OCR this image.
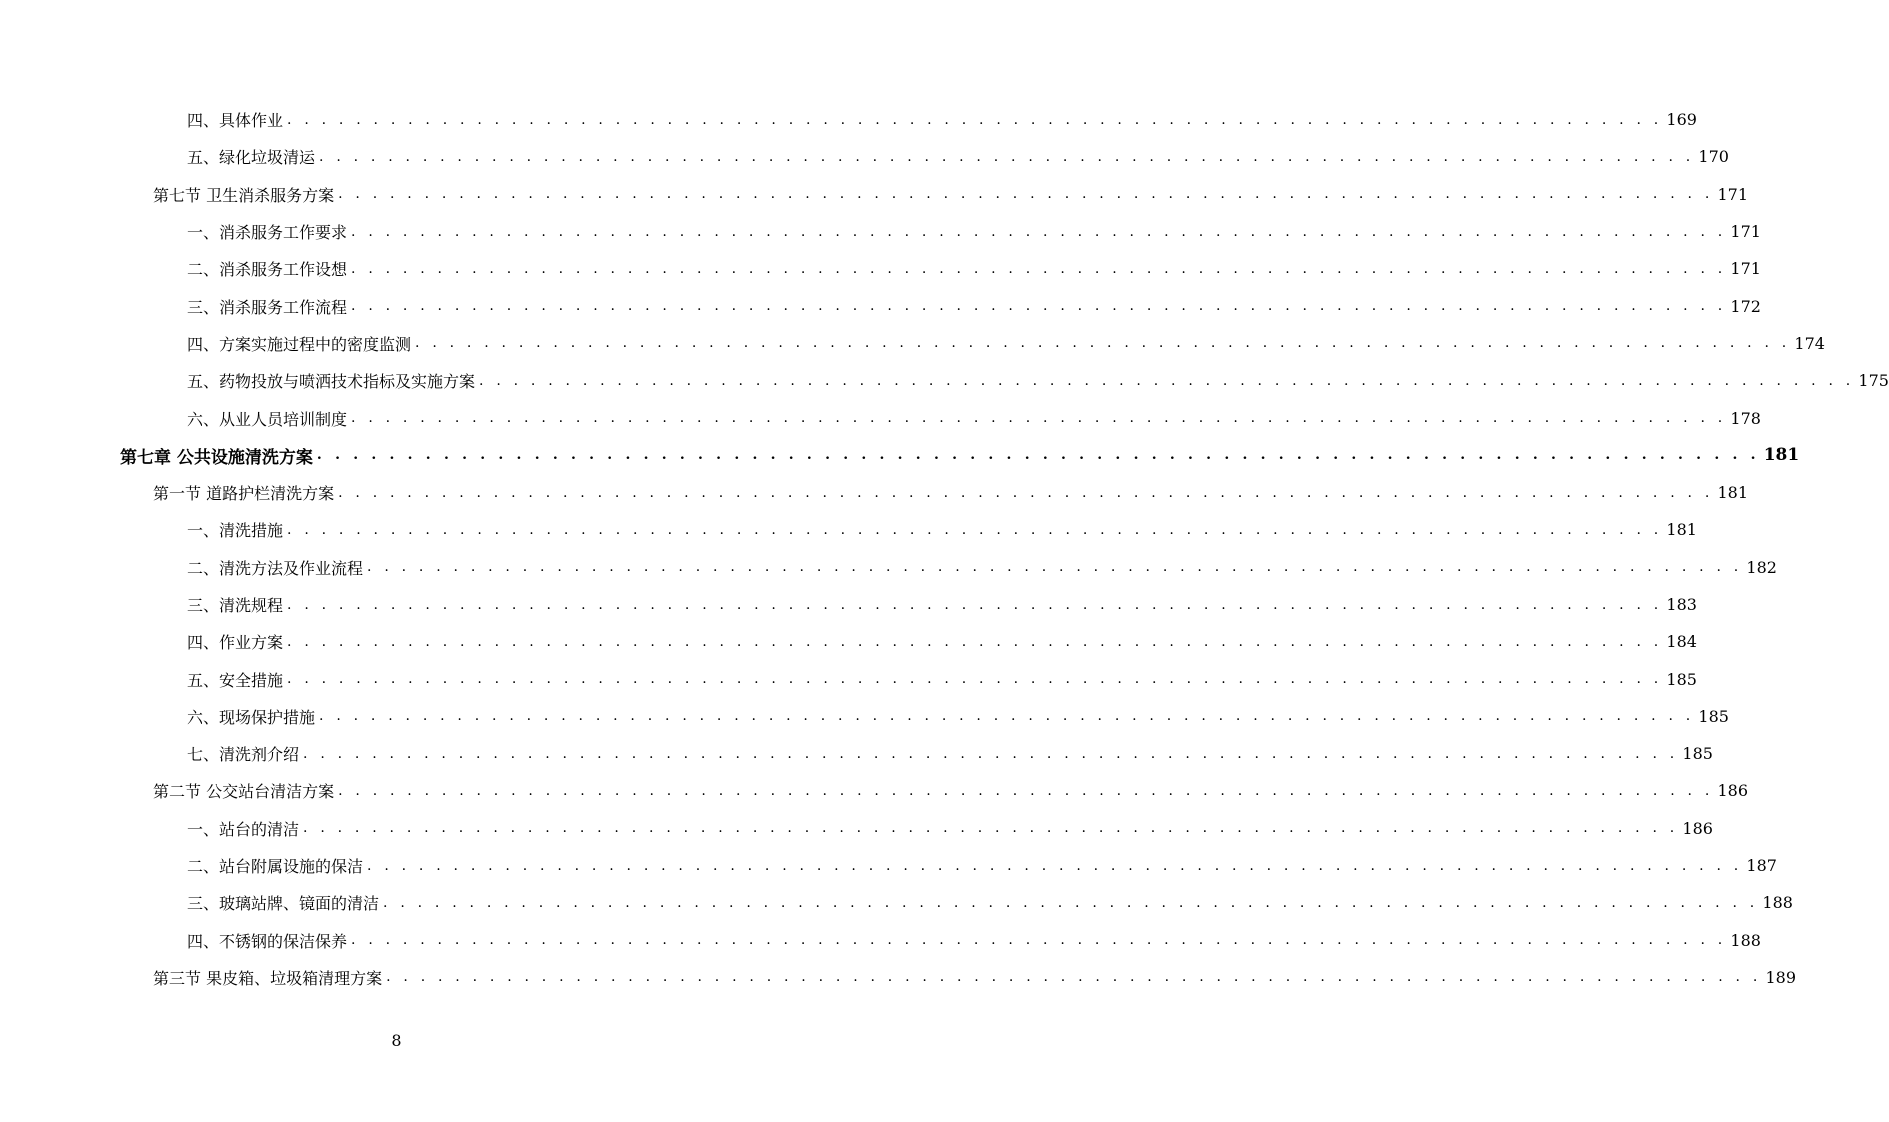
四、具体作业 . . . . . . . . . . . . . . . . . . . . . . . . . . . . . . . . . . . . . . . . . . . . . . . . . . . . . . . . . . . . . . . . . . . . . . . . . . . . . . . . 169
五、绿化垃圾清运 . . . . . . . . . . . . . . . . . . . . . . . . . . . . . . . . . . . . . . . . . . . . . . . . . . . . . . . . . . . . . . . . . . . . . . . . . . . . . . . . 170
第七节 卫生消杀服务方案 . . . . . . . . . . . . . . . . . . . . . . . . . . . . . . . . . . . . . . . . . . . . . . . . . . . . . . . . . . . . . . . . . . . . . . . . . . . . . . . . 171
一、消杀服务工作要求 . . . . . . . . . . . . . . . . . . . . . . . . . . . . . . . . . . . . . . . . . . . . . . . . . . . . . . . . . . . . . . . . . . . . . . . . . . . . . . . . 171
二、消杀服务工作设想 . . . . . . . . . . . . . . . . . . . . . . . . . . . . . . . . . . . . . . . . . . . . . . . . . . . . . . . . . . . . . . . . . . . . . . . . . . . . . . . . 171
三、消杀服务工作流程 . . . . . . . . . . . . . . . . . . . . . . . . . . . . . . . . . . . . . . . . . . . . . . . . . . . . . . . . . . . . . . . . . . . . . . . . . . . . . . . . 172
四、方案实施过程中的密度监测 . . . . . . . . . . . . . . . . . . . . . . . . . . . . . . . . . . . . . . . . . . . . . . . . . . . . . . . . . . . . . . . . . . . . . . . . . . . . . . . . 174
五、药物投放与喷洒技术指标及实施方案 . . . . . . . . . . . . . . . . . . . . . . . . . . . . . . . . . . . . . . . . . . . . . . . . . . . . . . . . . . . . . . . . . . . . . . . . . . . . . . . . 175
六、从业人员培训制度 . . . . . . . . . . . . . . . . . . . . . . . . . . . . . . . . . . . . . . . . . . . . . . . . . . . . . . . . . . . . . . . . . . . . . . . . . . . . . . . . 178
第七章 公共设施清洗方案 . . . . . . . . . . . . . . . . . . . . . . . . . . . . . . . . . . . . . . . . . . . . . . . . . . . . . . . . . . . . . . . . . . . . . . . . . . . . . . . . 181
第一节 道路护栏清洗方案 . . . . . . . . . . . . . . . . . . . . . . . . . . . . . . . . . . . . . . . . . . . . . . . . . . . . . . . . . . . . . . . . . . . . . . . . . . . . . . . . 181
一、清洗措施 . . . . . . . . . . . . . . . . . . . . . . . . . . . . . . . . . . . . . . . . . . . . . . . . . . . . . . . . . . . . . . . . . . . . . . . . . . . . . . . . 181
二、清洗方法及作业流程 . . . . . . . . . . . . . . . . . . . . . . . . . . . . . . . . . . . . . . . . . . . . . . . . . . . . . . . . . . . . . . . . . . . . . . . . . . . . . . . . 182
三、清洗规程 . . . . . . . . . . . . . . . . . . . . . . . . . . . . . . . . . . . . . . . . . . . . . . . . . . . . . . . . . . . . . . . . . . . . . . . . . . . . . . . . 183
四、作业方案 . . . . . . . . . . . . . . . . . . . . . . . . . . . . . . . . . . . . . . . . . . . . . . . . . . . . . . . . . . . . . . . . . . . . . . . . . . . . . . . . 184
五、安全措施 . . . . . . . . . . . . . . . . . . . . . . . . . . . . . . . . . . . . . . . . . . . . . . . . . . . . . . . . . . . . . . . . . . . . . . . . . . . . . . . . 185
六、现场保护措施 . . . . . . . . . . . . . . . . . . . . . . . . . . . . . . . . . . . . . . . . . . . . . . . . . . . . . . . . . . . . . . . . . . . . . . . . . . . . . . . . 185
七、清洗剂介绍 . . . . . . . . . . . . . . . . . . . . . . . . . . . . . . . . . . . . . . . . . . . . . . . . . . . . . . . . . . . . . . . . . . . . . . . . . . . . . . . . 185
第二节 公交站台清洁方案 . . . . . . . . . . . . . . . . . . . . . . . . . . . . . . . . . . . . . . . . . . . . . . . . . . . . . . . . . . . . . . . . . . . . . . . . . . . . . . . . 186
一、站台的清洁 . . . . . . . . . . . . . . . . . . . . . . . . . . . . . . . . . . . . . . . . . . . . . . . . . . . . . . . . . . . . . . . . . . . . . . . . . . . . . . . . 186
二、站台附属设施的保洁 . . . . . . . . . . . . . . . . . . . . . . . . . . . . . . . . . . . . . . . . . . . . . . . . . . . . . . . . . . . . . . . . . . . . . . . . . . . . . . . . 187
三、玻璃站牌、镜面的清洁 . . . . . . . . . . . . . . . . . . . . . . . . . . . . . . . . . . . . . . . . . . . . . . . . . . . . . . . . . . . . . . . . . . . . . . . . . . . . . . . . 188
四、不锈钢的保洁保养 . . . . . . . . . . . . . . . . . . . . . . . . . . . . . . . . . . . . . . . . . . . . . . . . . . . . . . . . . . . . . . . . . . . . . . . . . . . . . . . . 188
第三节 果皮箱、垃圾箱清理方案 . . . . . . . . . . . . . . . . . . . . . . . . . . . . . . . . . . . . . . . . . . . . . . . . . . . . . . . . . . . . . . . . . . . . . . . . . . . . . . . . 189
8
